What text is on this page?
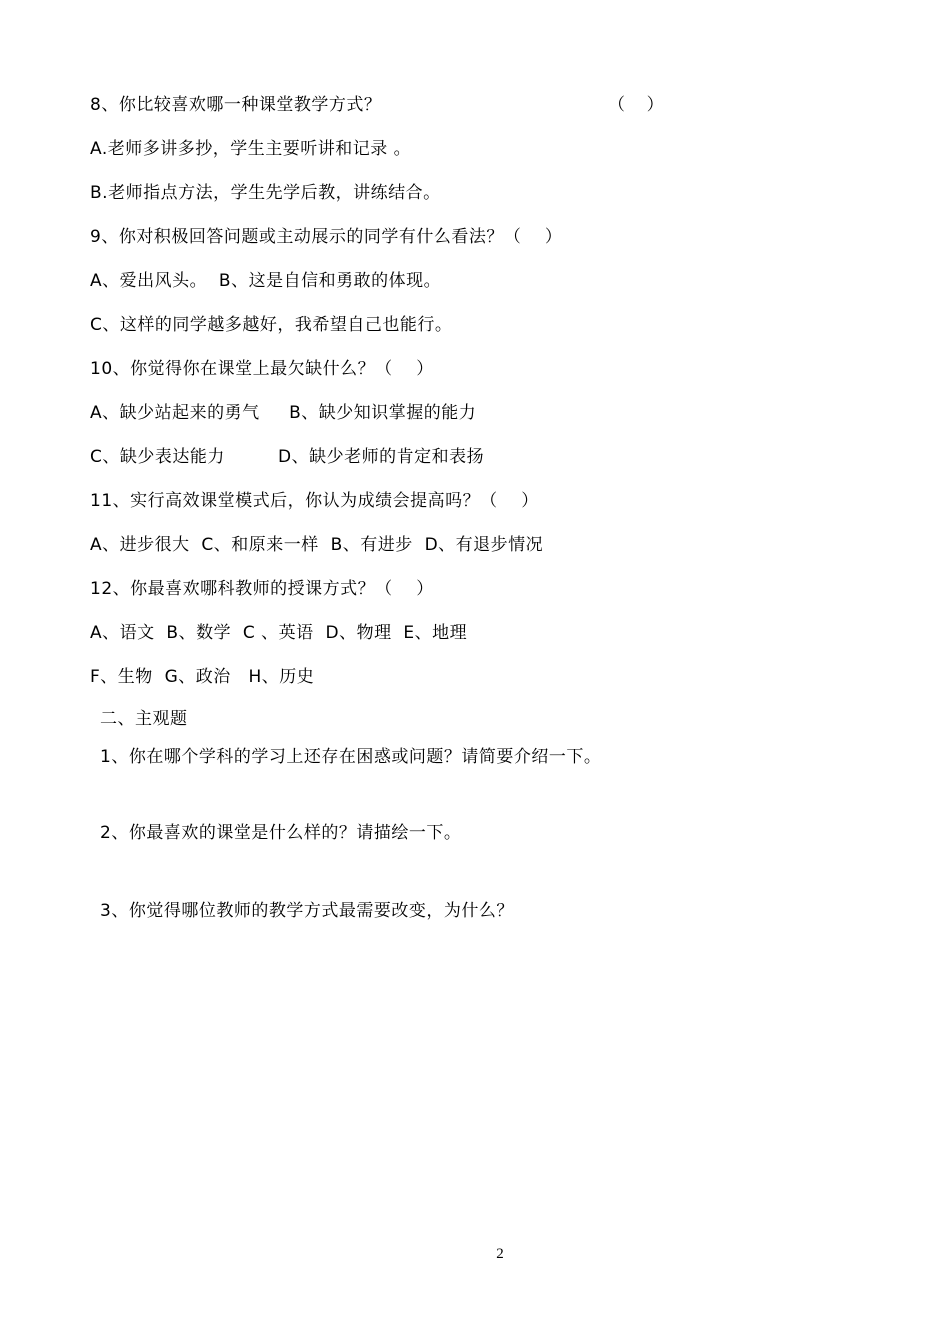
8、你比较喜欢哪一种课堂教学方式？	（    ）
A.老师多讲多抄，学生主要听讲和记录 。
B.老师指点方法，学生先学后教，讲练结合。
9、你对积极回答问题或主动展示的同学有什么看法？（    ）
A、爱出风头。  B、这是自信和勇敢的体现。
C、这样的同学越多越好，我希望自己也能行。
10、你觉得你在课堂上最欠缺什么？（    ）
A、缺少站起来的勇气     B、缺少知识掌握的能力
C、缺少表达能力         D、缺少老师的肯定和表扬
11、实行高效课堂模式后，你认为成绩会提高吗？（    ）
A、进步很大  C、和原来一样  B、有进步  D、有退步情况
12、你最喜欢哪科教师的授课方式？（    ）
A、语文  B、数学  C 、英语  D、物理  E、地理
F、生物  G、政治   H、历史
二、主观题
1、你在哪个学科的学习上还存在困惑或问题？请简要介绍一下。
2、你最喜欢的课堂是什么样的？请描绘一下。
3、你觉得哪位教师的教学方式最需要改变，为什么？
2
